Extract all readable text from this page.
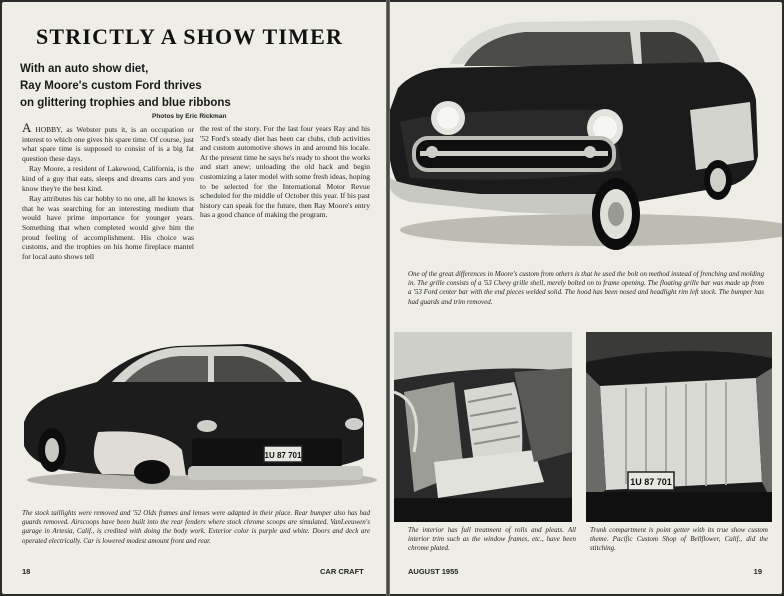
STRICTLY A SHOW TIMER
With an auto show diet,
Ray Moore's custom Ford thrives
on glittering trophies and blue ribbons
Photos by Eric Rickman

A HOBBY, as Webster puts it, is an occupation or interest to which one gives his spare time. Of course, just what spare time is supposed to consist of is a big fat question these days.

Ray Moore, a resident of Lakewood, California, is the kind of a guy that eats, sleeps and dreams cars and you know they're the best kind.

Ray attributes his car hobby to no one, all he knows is that he was searching for an interesting medium that would have prime importance for younger years. Something that when completed would give him the proud feeling of accomplishment. His choice was customs, and the trophies on his home fireplace mantel for local auto shows tell

the rest of the story. For the last four years Ray and his '52 Ford's steady diet has been car clubs, club activities and custom automotive shows in and around his locale. At the present time he says he's ready to shoot the works and start anew; unloading the old hack and begin customizing a later model with some fresh ideas, hoping to be selected for the International Motor Revue scheduled for the middle of October this year. If his past history can speak for the future, then Ray Moore's entry has a good chance of making the program.

1U 87 701
The stock taillights were removed and '52 Olds frames and lenses were adapted in their place. Rear bumper also has had guards removed. Airscoops have been built into the rear fenders where stock chrome scoops are simulated. VanLeeuwen's garage in Artesia, Calif., is credited with doing the body work. Exterior color is purple and white. Doors and deck are operated electrically. Car is lowered modest amount front and rear.
18	CAR CRAFT
One of the great differences in Moore's custom from others is that he used the bolt on method instead of frenching and molding in. The grille consists of a '53 Chevy grille shell, merely bolted on to frame opening. The floating grille bar was made up from a '53 Ford center bar with the end pieces welded solid. The hood has been nosed and headlight rim left stock. The bumper has had guards and trim removed.
1U 87 701
The interior has full treatment of rolls and pleats. All interior trim such as the window frames, etc., have been chrome plated.
Trunk compartment is point getter with its true show custom theme. Pacific Custom Shop of Bellflower, Calif., did the stitching.
AUGUST 1955	19
